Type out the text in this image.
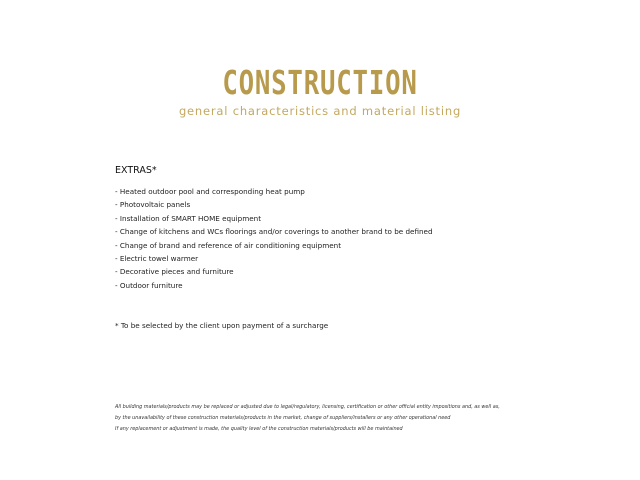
CONSTRUCTION
general characteristics and material listing
EXTRAS*
- Heated outdoor pool and corresponding heat pump
- Photovoltaic panels
- Installation of SMART HOME equipment
- Change of kitchens and WCs floorings and/or coverings to another brand to be defined
- Change of brand and reference of air conditioning equipment
- Electric towel warmer
- Decorative pieces and furniture
- Outdoor furniture
* To be selected by the client upon payment of a surcharge
All building materials/products may be replaced or adjusted due to legal/regulatory, licensing, certification or other official entity impositions and, as well as,
by the unavailability of these construction materials/products in the market, change of suppliers/installers or any other operational need
If any replacement or adjustment is made, the quality level of the construction materials/products will be maintained
